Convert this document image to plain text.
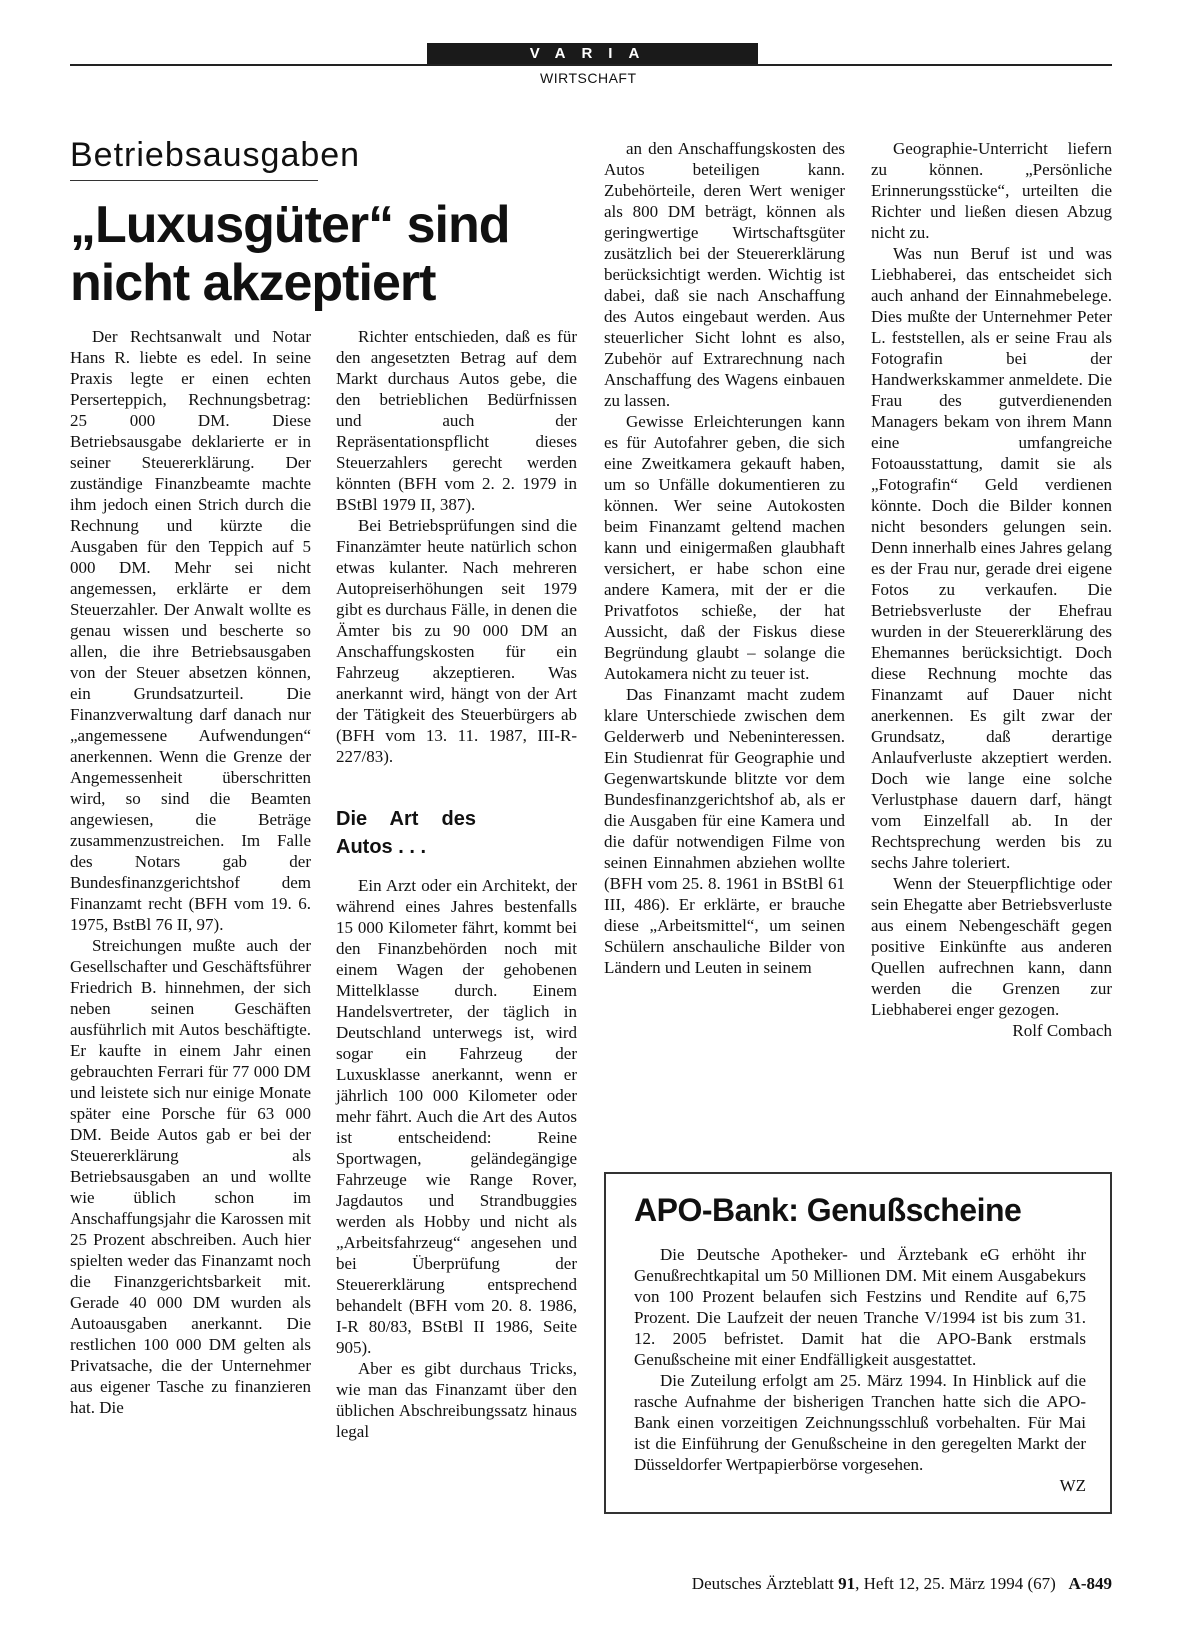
VARIA
WIRTSCHAFT
Betriebsausgaben
„Luxusgüter“ sind
nicht akzeptiert

Der Rechtsanwalt und Notar Hans R. liebte es edel. In seine Praxis legte er einen echten Perserteppich, Rechnungsbetrag: 25 000 DM. Diese Betriebsausgabe deklarierte er in seiner Steuererklärung. Der zuständige Finanzbeamte machte ihm jedoch einen Strich durch die Rechnung und kürzte die Ausgaben für den Teppich auf 5 000 DM. Mehr sei nicht angemessen, erklärte er dem Steuerzahler. Der Anwalt wollte es genau wissen und bescherte so allen, die ihre Betriebsausgaben von der Steuer absetzen können, ein Grundsatzurteil. Die Finanzverwaltung darf danach nur „angemessene Aufwendungen“ anerkennen. Wenn die Grenze der Angemessenheit überschritten wird, so sind die Beamten angewiesen, die Beträge zusammenzustreichen. Im Falle des Notars gab der Bundesfinanzgerichtshof dem Finanzamt recht (BFH vom 19. 6. 1975, BstBl 76 II, 97).

Streichungen mußte auch der Gesellschafter und Geschäftsführer Friedrich B. hinnehmen, der sich neben seinen Geschäften ausführlich mit Autos beschäftigte. Er kaufte in einem Jahr einen gebrauchten Ferrari für 77 000 DM und leistete sich nur einige Monate später eine Porsche für 63 000 DM. Beide Autos gab er bei der Steuererklärung als Betriebsausgaben an und wollte wie üblich schon im Anschaffungsjahr die Karossen mit 25 Prozent abschreiben. Auch hier spielten weder das Finanzamt noch die Finanzgerichtsbarkeit mit. Gerade 40 000 DM wurden als Autoausgaben anerkannt. Die restlichen 100 000 DM gelten als Privatsache, die der Unternehmer aus eigener Tasche zu finanzieren hat. Die

Richter entschieden, daß es für den angesetzten Betrag auf dem Markt durchaus Autos gebe, die den betrieblichen Bedürfnissen und auch der Repräsentationspflicht dieses Steuerzahlers gerecht werden könnten (BFH vom 2. 2. 1979 in BStBl 1979 II, 387).

Bei Betriebsprüfungen sind die Finanzämter heute natürlich schon etwas kulanter. Nach mehreren Autopreiserhöhungen seit 1979 gibt es durchaus Fälle, in denen die Ämter bis zu 90 000 DM an Anschaffungskosten für ein Fahrzeug akzeptieren. Was anerkannt wird, hängt von der Art der Tätigkeit des Steuerbürgers ab (BFH vom 13. 11. 1987, III-R-227/83).

Die Art des Autos . . .

Ein Arzt oder ein Architekt, der während eines Jahres bestenfalls 15 000 Kilometer fährt, kommt bei den Finanzbehörden noch mit einem Wagen der gehobenen Mittelklasse durch. Einem Handelsvertreter, der täglich in Deutschland unterwegs ist, wird sogar ein Fahrzeug der Luxusklasse anerkannt, wenn er jährlich 100 000 Kilometer oder mehr fährt. Auch die Art des Autos ist entscheidend: Reine Sportwagen, geländegängige Fahrzeuge wie Range Rover, Jagdautos und Strandbuggies werden als Hobby und nicht als „Arbeitsfahrzeug“ angesehen und bei Überprüfung der Steuererklärung entsprechend behandelt (BFH vom 20. 8. 1986, I-R 80/83, BStBl II 1986, Seite 905).

Aber es gibt durchaus Tricks, wie man das Finanzamt über den üblichen Abschreibungssatz hinaus legal

an den Anschaffungskosten des Autos beteiligen kann. Zubehörteile, deren Wert weniger als 800 DM beträgt, können als geringwertige Wirtschaftsgüter zusätzlich bei der Steuererklärung berücksichtigt werden. Wichtig ist dabei, daß sie nach Anschaffung des Autos eingebaut werden. Aus steuerlicher Sicht lohnt es also, Zubehör auf Extrarechnung nach Anschaffung des Wagens einbauen zu lassen.

Gewisse Erleichterungen kann es für Autofahrer geben, die sich eine Zweitkamera gekauft haben, um so Unfälle dokumentieren zu können. Wer seine Autokosten beim Finanzamt geltend machen kann und einigermaßen glaubhaft versichert, er habe schon eine andere Kamera, mit der er die Privatfotos schieße, der hat Aussicht, daß der Fiskus diese Begründung glaubt – solange die Autokamera nicht zu teuer ist.

Das Finanzamt macht zudem klare Unterschiede zwischen dem Gelderwerb und Nebeninteressen. Ein Studienrat für Geographie und Gegenwartskunde blitzte vor dem Bundesfinanzgerichtshof ab, als er die Ausgaben für eine Kamera und die dafür notwendigen Filme von seinen Einnahmen abziehen wollte (BFH vom 25. 8. 1961 in BStBl 61 III, 486). Er erklärte, er brauche diese „Arbeitsmittel“, um seinen Schülern anschauliche Bilder von Ländern und Leuten in seinem

Geographie-Unterricht liefern zu können. „Persönliche Erinnerungsstücke“, urteilten die Richter und ließen diesen Abzug nicht zu.

Was nun Beruf ist und was Liebhaberei, das entscheidet sich auch anhand der Einnahmebelege. Dies mußte der Unternehmer Peter L. feststellen, als er seine Frau als Fotografin bei der Handwerkskammer anmeldete. Die Frau des gutverdienenden Managers bekam von ihrem Mann eine umfangreiche Fotoausstattung, damit sie als „Fotografin“ Geld verdienen könnte. Doch die Bilder konnen nicht besonders gelungen sein. Denn innerhalb eines Jahres gelang es der Frau nur, gerade drei eigene Fotos zu verkaufen. Die Betriebsverluste der Ehefrau wurden in der Steuererklärung des Ehemannes berücksichtigt. Doch diese Rechnung mochte das Finanzamt auf Dauer nicht anerkennen. Es gilt zwar der Grundsatz, daß derartige Anlaufverluste akzeptiert werden. Doch wie lange eine solche Verlustphase dauern darf, hängt vom Einzelfall ab. In der Rechtsprechung werden bis zu sechs Jahre toleriert.

Wenn der Steuerpflichtige oder sein Ehegatte aber Betriebsverluste aus einem Nebengeschäft gegen positive Einkünfte aus anderen Quellen aufrechnen kann, dann werden die Grenzen zur Liebhaberei enger gezogen.

Rolf Combach

APO-Bank: Genußscheine

Die Deutsche Apotheker- und Ärztebank eG erhöht ihr Genußrechtkapital um 50 Millionen DM. Mit einem Ausgabekurs von 100 Prozent belaufen sich Festzins und Rendite auf 6,75 Prozent. Die Laufzeit der neuen Tranche V/1994 ist bis zum 31. 12. 2005 befristet. Damit hat die APO-Bank erstmals Genußscheine mit einer Endfälligkeit ausgestattet.

Die Zuteilung erfolgt am 25. März 1994. In Hinblick auf die rasche Aufnahme der bisherigen Tranchen hatte sich die APO-Bank einen vorzeitigen Zeichnungsschluß vorbehalten. Für Mai ist die Einführung der Genußscheine in den geregelten Markt der Düsseldorfer Wertpapierbörse vorgesehen.

WZ

Deutsches Ärzteblatt 91, Heft 12, 25. März 1994 (67) A-849
